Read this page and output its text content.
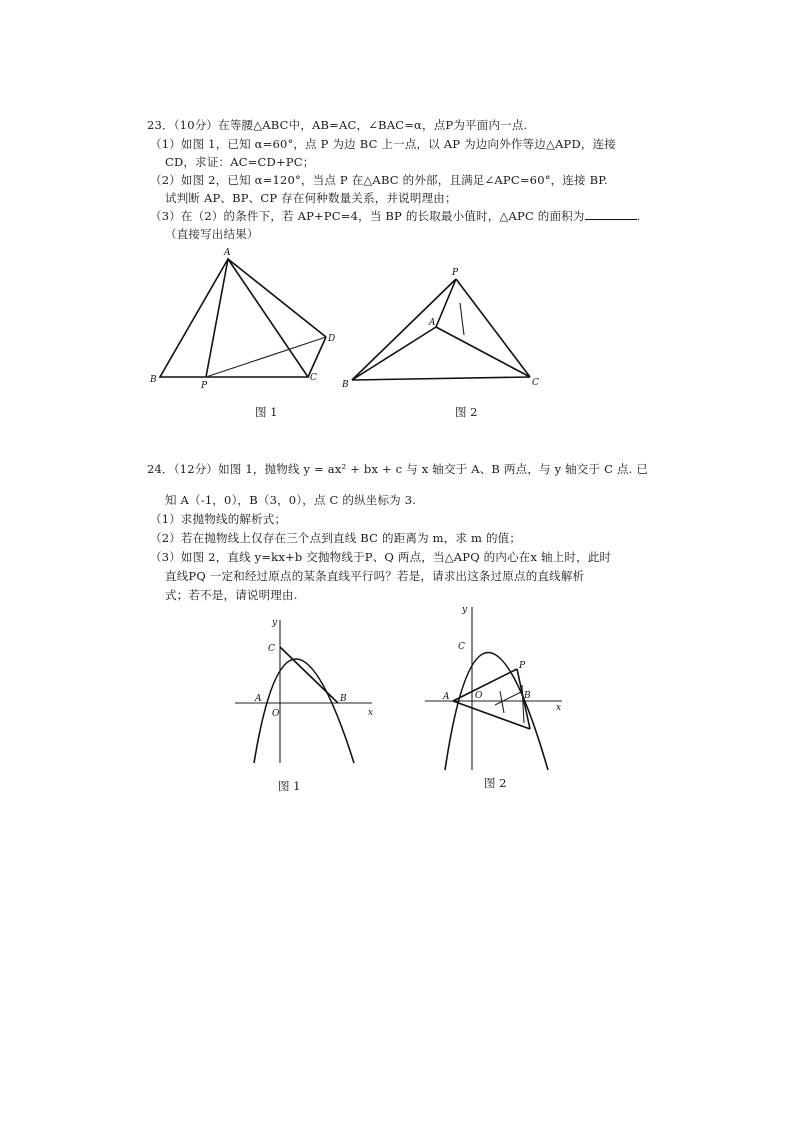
23．（10分）在等腰△ABC中，AB=AC，∠BAC=α，点P为平面内一点.
（1）如图 1，已知 α=60°，点 P 为边 BC 上一点，以 AP 为边向外作等边△APD，连接
CD，求证：AC=CD+PC；
（2）如图 2，已知 α=120°，当点 P 在△ABC 的外部，且满足∠APC=60°，连接 BP.
试判断 AP、BP、CP 存在何种数量关系，并说明理由；
（3）在（2）的条件下，若 AP+PC=4，当 BP 的长取最小值时，△APC 的面积为	.
（直接写出结果）
A
B
P
C
D
图 1
P
B	C
A
图 2
24．（12分）如图 1，抛物线 y = ax² + bx + c 与 x 轴交于 A、B 两点，与 y 轴交于 C 点. 已
知 A（-1，0），B（3，0），点 C 的纵坐标为 3.
（1）求抛物线的解析式；
（2）若在抛物线上仅存在三个点到直线 BC 的距离为 m，求 m 的值；
（3）如图 2，直线 y=kx+b 交抛物线于P、Q 两点，当△APQ 的内心在x 轴上时，此时
直线PQ 一定和经过原点的某条直线平行吗？若是，请求出这条过原点的直线解析
式；若不是，请说明理由.
y
C
A
O
B
x
图 1
y
C
P
A	O	B
x
图 2
